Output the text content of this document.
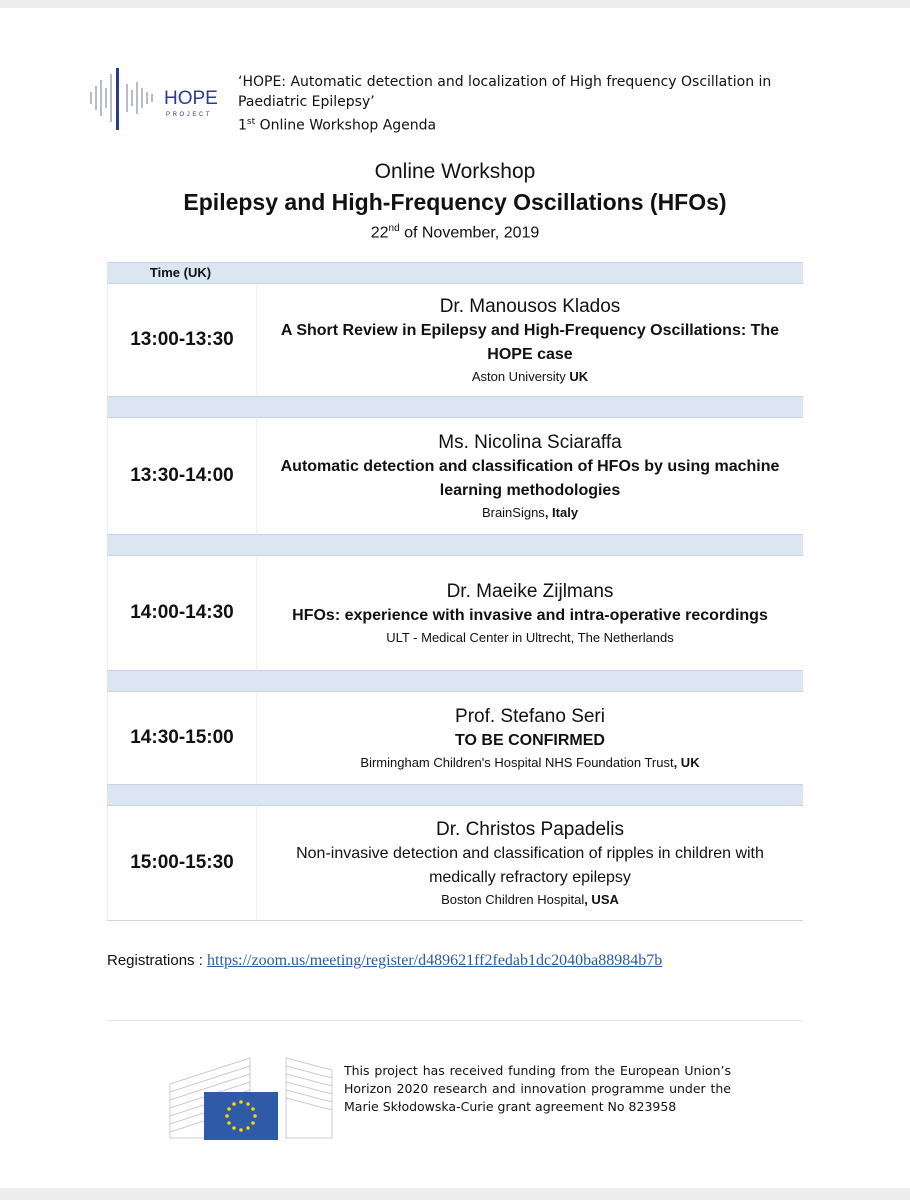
HOPE
PROJECT
‘HOPE: Automatic detection and localization of High frequency Oscillation in
Paediatric Epilepsy’
1st Online Workshop Agenda
Online Workshop
Epilepsy and High-Frequency Oscillations (HFOs)
22nd of November, 2019
Time (UK)
13:00-13:30
Dr. Manousos Klados
A Short Review in Epilepsy and High-Frequency Oscillations: The
HOPE case
Aston University UK
13:30-14:00
Ms. Nicolina Sciaraffa
Automatic detection and classification of HFOs by using machine
learning methodologies
BrainSigns, Italy
14:00-14:30
Dr. Maeike Zijlmans
HFOs: experience with invasive and intra-operative recordings
ULT - Medical Center in Ultrecht, The Netherlands
14:30-15:00
Prof. Stefano Seri
TO BE CONFIRMED
Birmingham Children's Hospital NHS Foundation Trust, UK
15:00-15:30
Dr. Christos Papadelis
Non-invasive detection and classification of ripples in children with
medically refractory epilepsy
Boston Children Hospital, USA
Registrations : https://zoom.us/meeting/register/d489621ff2fedab1dc2040ba88984b7b
This project has received funding from the European Union’s Horizon 2020 research and innovation programme under the Marie Skłodowska-Curie grant agreement No 823958
